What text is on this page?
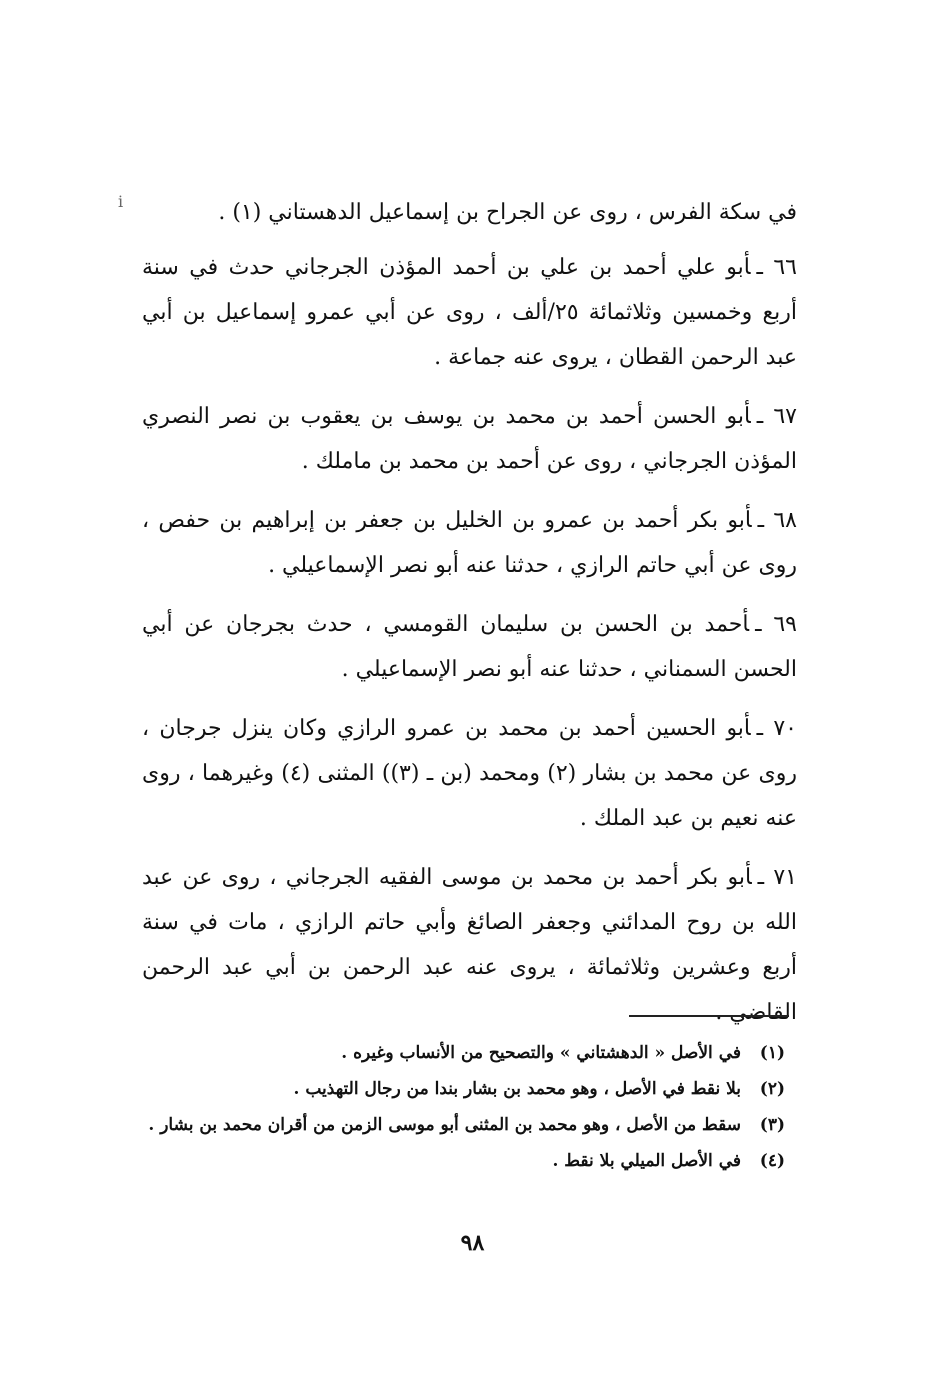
i	في سكة الفرس ، روى عن الجراح بن إسماعيل الدهستاني (١) .

٦٦ ـأبو علي أحمد بن علي بن أحمد المؤذن الجرجاني حدث في سنة أربع وخمسين وثلاثمائة ٢٥/ألف ، روى عن أبي عمرو إسماعيل بن أبي عبد الرحمن القطان ، يروى عنه جماعة .

٦٧ ـأبو الحسن أحمد بن محمد بن يوسف بن يعقوب بن نصر النصري المؤذن الجرجاني ، روى عن أحمد بن محمد بن ماملك .

٦٨ ـأبو بكر أحمد بن عمرو بن الخليل بن جعفر بن إبراهيم بن حفص ، روى عن أبي حاتم الرازي ، حدثنا عنه أبو نصر الإسماعيلي .

٦٩ ـأحمد بن الحسن بن سليمان القومسي ، حدث بجرجان عن أبي الحسن السمناني ، حدثنا عنه أبو نصر الإسماعيلي .

٧٠ ـأبو الحسين أحمد بن محمد بن عمرو الرازي وكان ينزل جرجان ، روى عن محمد بن بشار (٢) ومحمد (بن ـ (٣)) المثنى (٤) وغيرهما ، روى عنه نعيم بن عبد الملك .

٧١ ـأبو بكر أحمد بن محمد بن موسى الفقيه الجرجاني ، روى عن عبد الله بن روح المدائني وجعفر الصائغ وأبي حاتم الرازي ، مات في سنة أربع وعشرين وثلاثمائة ، يروى عنه عبد الرحمن بن أبي عبد الرحمن القاضي .

(١)
في الأصل « الدهشتاني » والتصحيح من الأنساب وغيره .
(٢)
بلا نقط في الأصل ، وهو محمد بن بشار بندا من رجال التهذيب .
(٣)
سقط من الأصل ، وهو محمد بن المثنى أبو موسى الزمن من أقران محمد بن بشار .
(٤)
في الأصل الميلي بلا نقط .
٩٨
